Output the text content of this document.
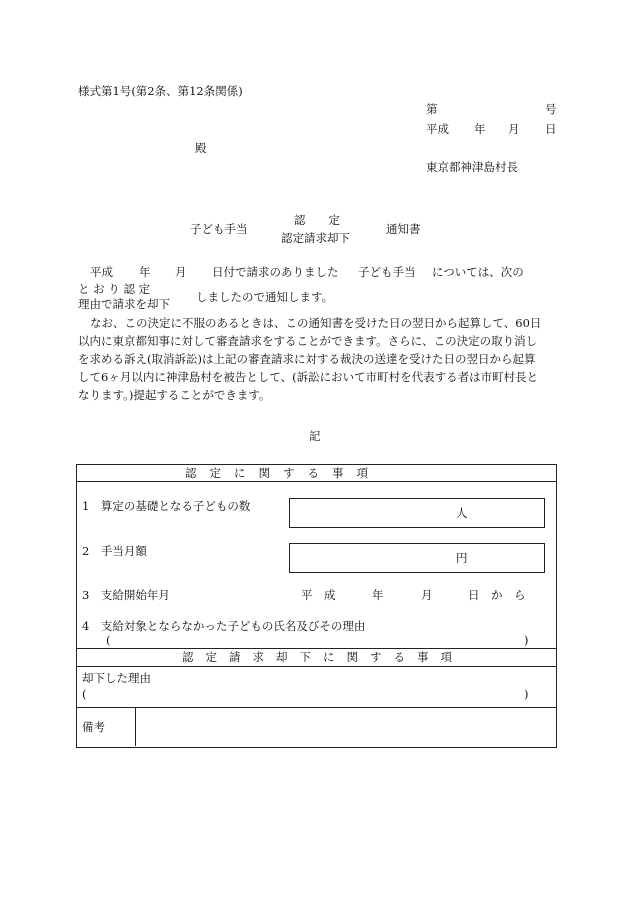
様式第1号(第2条、第12条関係)
第	号
平成 年 月 日
殿
東京都神津島村長
子ども手当
認　　定
認定請求却下
通知書
平成 年 月 日付で請求のありました 子ども手当 については、次の
と お り 認 定
理由で請求を却下 しましたので通知します。
なお、この決定に不服のあるときは、この通知書を受けた日の翌日から起算して、60日
以内に東京都知事に対して審査請求をすることができます。さらに、この決定の取り消し
を求める訴え(取消訴訟)は上記の審査請求に対する裁決の送達を受けた日の翌日から起算
して6ヶ月以内に神津島村を被告として、(訴訟において市町村を代表する者は市町村長と
なります。)提起することができます。
記
認定に関する事項
1　算定の基礎となる子どもの数	人
2　手当月額	円
3　支給開始年月	平　成	年	月	日　か　ら
4　支給対象とならなかった子どもの氏名及びその理由
(	)
認定請求却下に関する事項
却下した理由
(	)
備考
